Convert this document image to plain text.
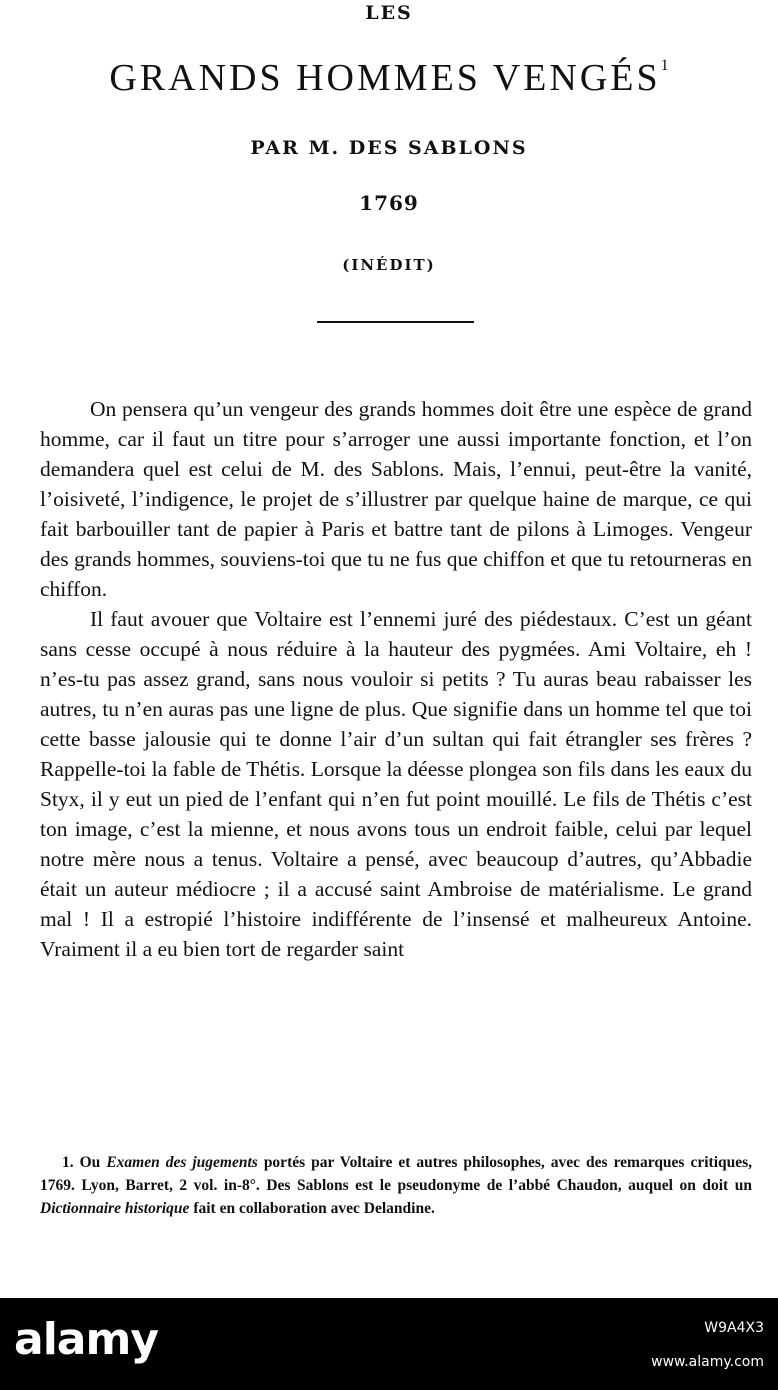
LES
GRANDS HOMMES VENGÉS$^1$
PAR M. DES SABLONS
1769
(INÉDIT)

On pensera qu’un vengeur des grands hommes doit être une espèce de grand homme, car il faut un titre pour s’arroger une aussi importante fonction, et l’on demandera quel est celui de M. des Sablons. Mais, l’ennui, peut-être la vanité, l’oisiveté, l’indigence, le projet de s’illustrer par quelque haine de marque, ce qui fait barbouiller tant de papier à Paris et battre tant de pilons à Limoges. Vengeur des grands hommes, souviens-toi que tu ne fus que chiffon et que tu retourneras en chiffon.

Il faut avouer que Voltaire est l’ennemi juré des piédestaux. C’est un géant sans cesse occupé à nous réduire à la hauteur des pygmées. Ami Voltaire, eh ! n’es-tu pas assez grand, sans nous vouloir si petits ? Tu auras beau rabaisser les autres, tu n’en auras pas une ligne de plus. Que signifie dans un homme tel que toi cette basse jalousie qui te donne l’air d’un sultan qui fait étrangler ses frères ? Rappelle-toi la fable de Thétis. Lorsque la déesse plongea son fils dans les eaux du Styx, il y eut un pied de l’enfant qui n’en fut point mouillé. Le fils de Thétis c’est ton image, c’est la mienne, et nous avons tous un endroit faible, celui par lequel notre mère nous a tenus. Voltaire a pensé, avec beaucoup d’autres, qu’Abbadie était un auteur médiocre ; il a accusé saint Ambroise de matérialisme. Le grand mal ! Il a estropié l’histoire indifférente de l’insensé et malheureux Antoine. Vraiment il a eu bien tort de regarder saint

1. Ou Examen des jugements portés par Voltaire et autres philosophes, avec des remarques critiques, 1769. Lyon, Barret, 2 vol. in-8°. Des Sablons est le pseudonyme de l’abbé Chaudon, auquel on doit un Dictionnaire historique fait en collaboration avec Delandine.

alamy	W9A4X3
www.alamy.com
